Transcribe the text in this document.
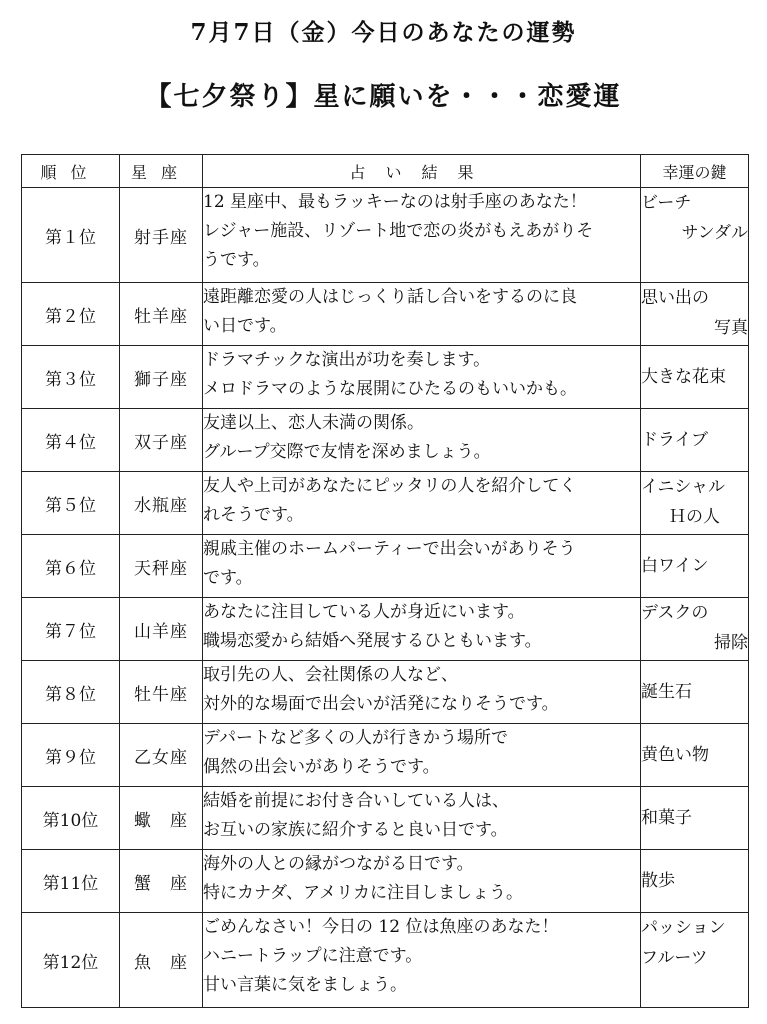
7月7日（金）今日のあなたの運勢
【七夕祭り】星に願いを・・・恋愛運
順位	星座	占い結果	幸運の鍵
第１位	射手座	12 星座中、最もラッキーなのは射手座のあなた！
レジャー施設、リゾート地で恋の炎がもえあがりそ
うです。	ビーチ
サンダル

第２位	牡羊座	遠距離恋愛の人はじっくり話し合いをするのに良
い日です。	思い出の
写真

第３位	獅子座	ドラマチックな演出が功を奏します。
メロドラマのような展開にひたるのもいいかも。	大きな花束

第４位	双子座	友達以上、恋人未満の関係。
グループ交際で友情を深めましょう。	ドライブ

第５位	水瓶座	友人や上司があなたにピッタリの人を紹介してく
れそうです。	イニシャル
Ｈの人

第６位	天秤座	親戚主催のホームパーティーで出会いがありそう
です。	白ワイン

第７位	山羊座	あなたに注目している人が身近にいます。
職場恋愛から結婚へ発展するひともいます。	デスクの
掃除

第８位	牡牛座	取引先の人、会社関係の人など、
対外的な場面で出会いが活発になりそうです。	誕生石

第９位	乙女座	デパートなど多くの人が行きかう場所で
偶然の出会いがありそうです。	黄色い物

第10位	蠍　座	結婚を前提にお付き合いしている人は、
お互いの家族に紹介すると良い日です。	和菓子

第11位	蟹　座	海外の人との縁がつながる日です。
特にカナダ、アメリカに注目しましょう。	散歩

第12位	魚　座	ごめんなさい！今日の 12 位は魚座のあなた！
ハニートラップに注意です。
甘い言葉に気をましょう。	パッション
フルーツ
